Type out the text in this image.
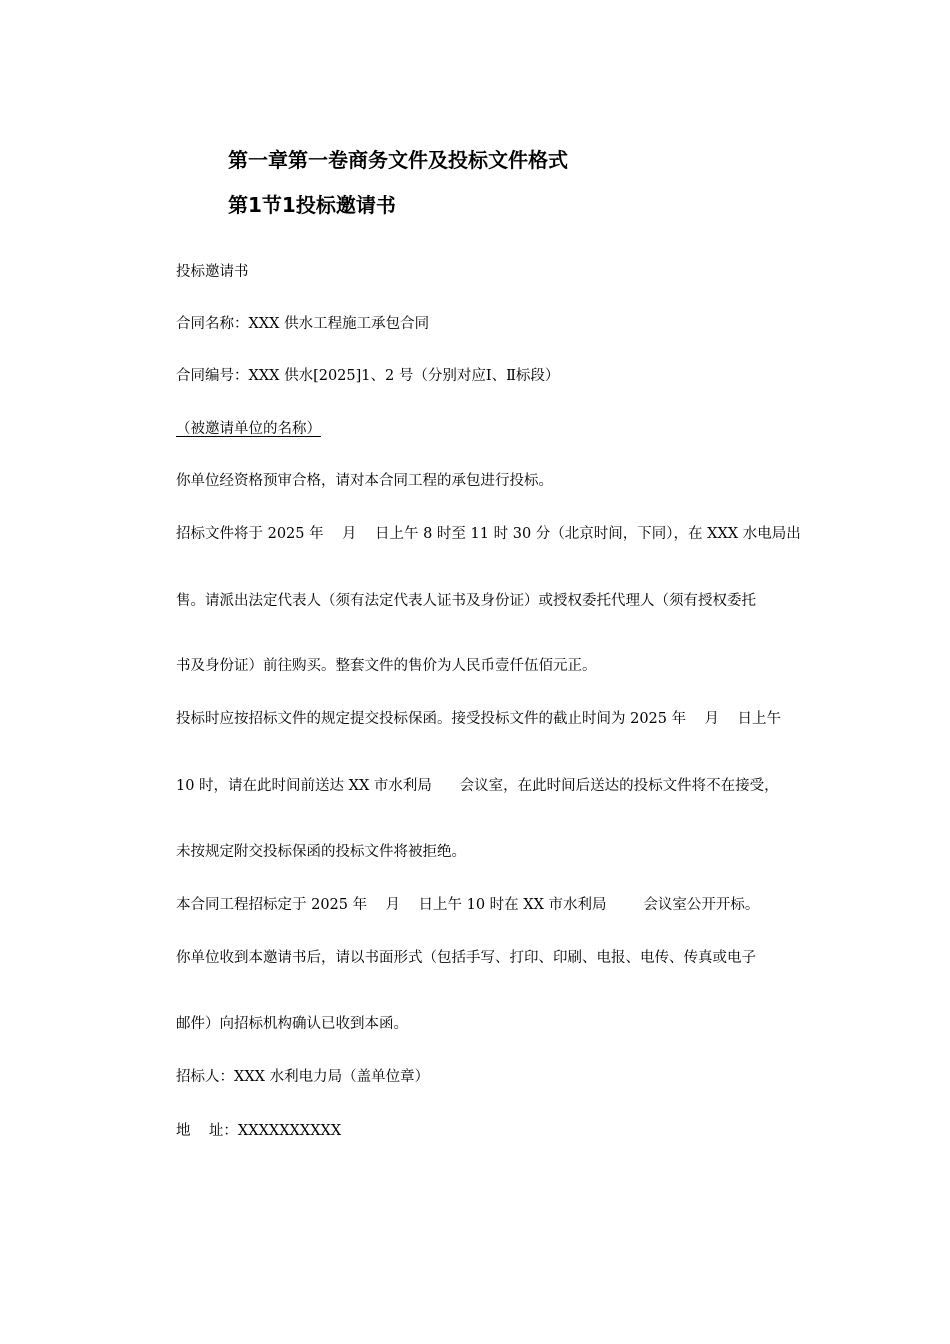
第一章第一卷商务文件及投标文件格式
第1节1投标邀请书
投标邀请书
合同名称：XXX 供水工程施工承包合同
合同编号：XXX 供水[2025]1、2 号（分别对应Ⅰ、Ⅱ标段）
（被邀请单位的名称）
你单位经资格预审合格，请对本合同工程的承包进行投标。
招标文件将于 2025 年    月    日上午 8 时至 11 时 30 分（北京时间，下同），在 XXX 水电局出
售。请派出法定代表人（须有法定代表人证书及身份证）或授权委托代理人（须有授权委托
书及身份证）前往购买。整套文件的售价为人民币壹仟伍佰元正。
投标时应按招标文件的规定提交投标保函。接受投标文件的截止时间为 2025 年    月    日上午
10 时，请在此时间前送达 XX 市水利局      会议室，在此时间后送达的投标文件将不在接受，
未按规定附交投标保函的投标文件将被拒绝。
本合同工程招标定于 2025 年    月    日上午 10 时在 XX 市水利局        会议室公开开标。
你单位收到本邀请书后，请以书面形式（包括手写、打印、印刷、电报、电传、传真或电子
邮件）向招标机构确认已收到本函。
招标人：XXX 水利电力局（盖单位章）
地    址：XXXXXXXXXX
